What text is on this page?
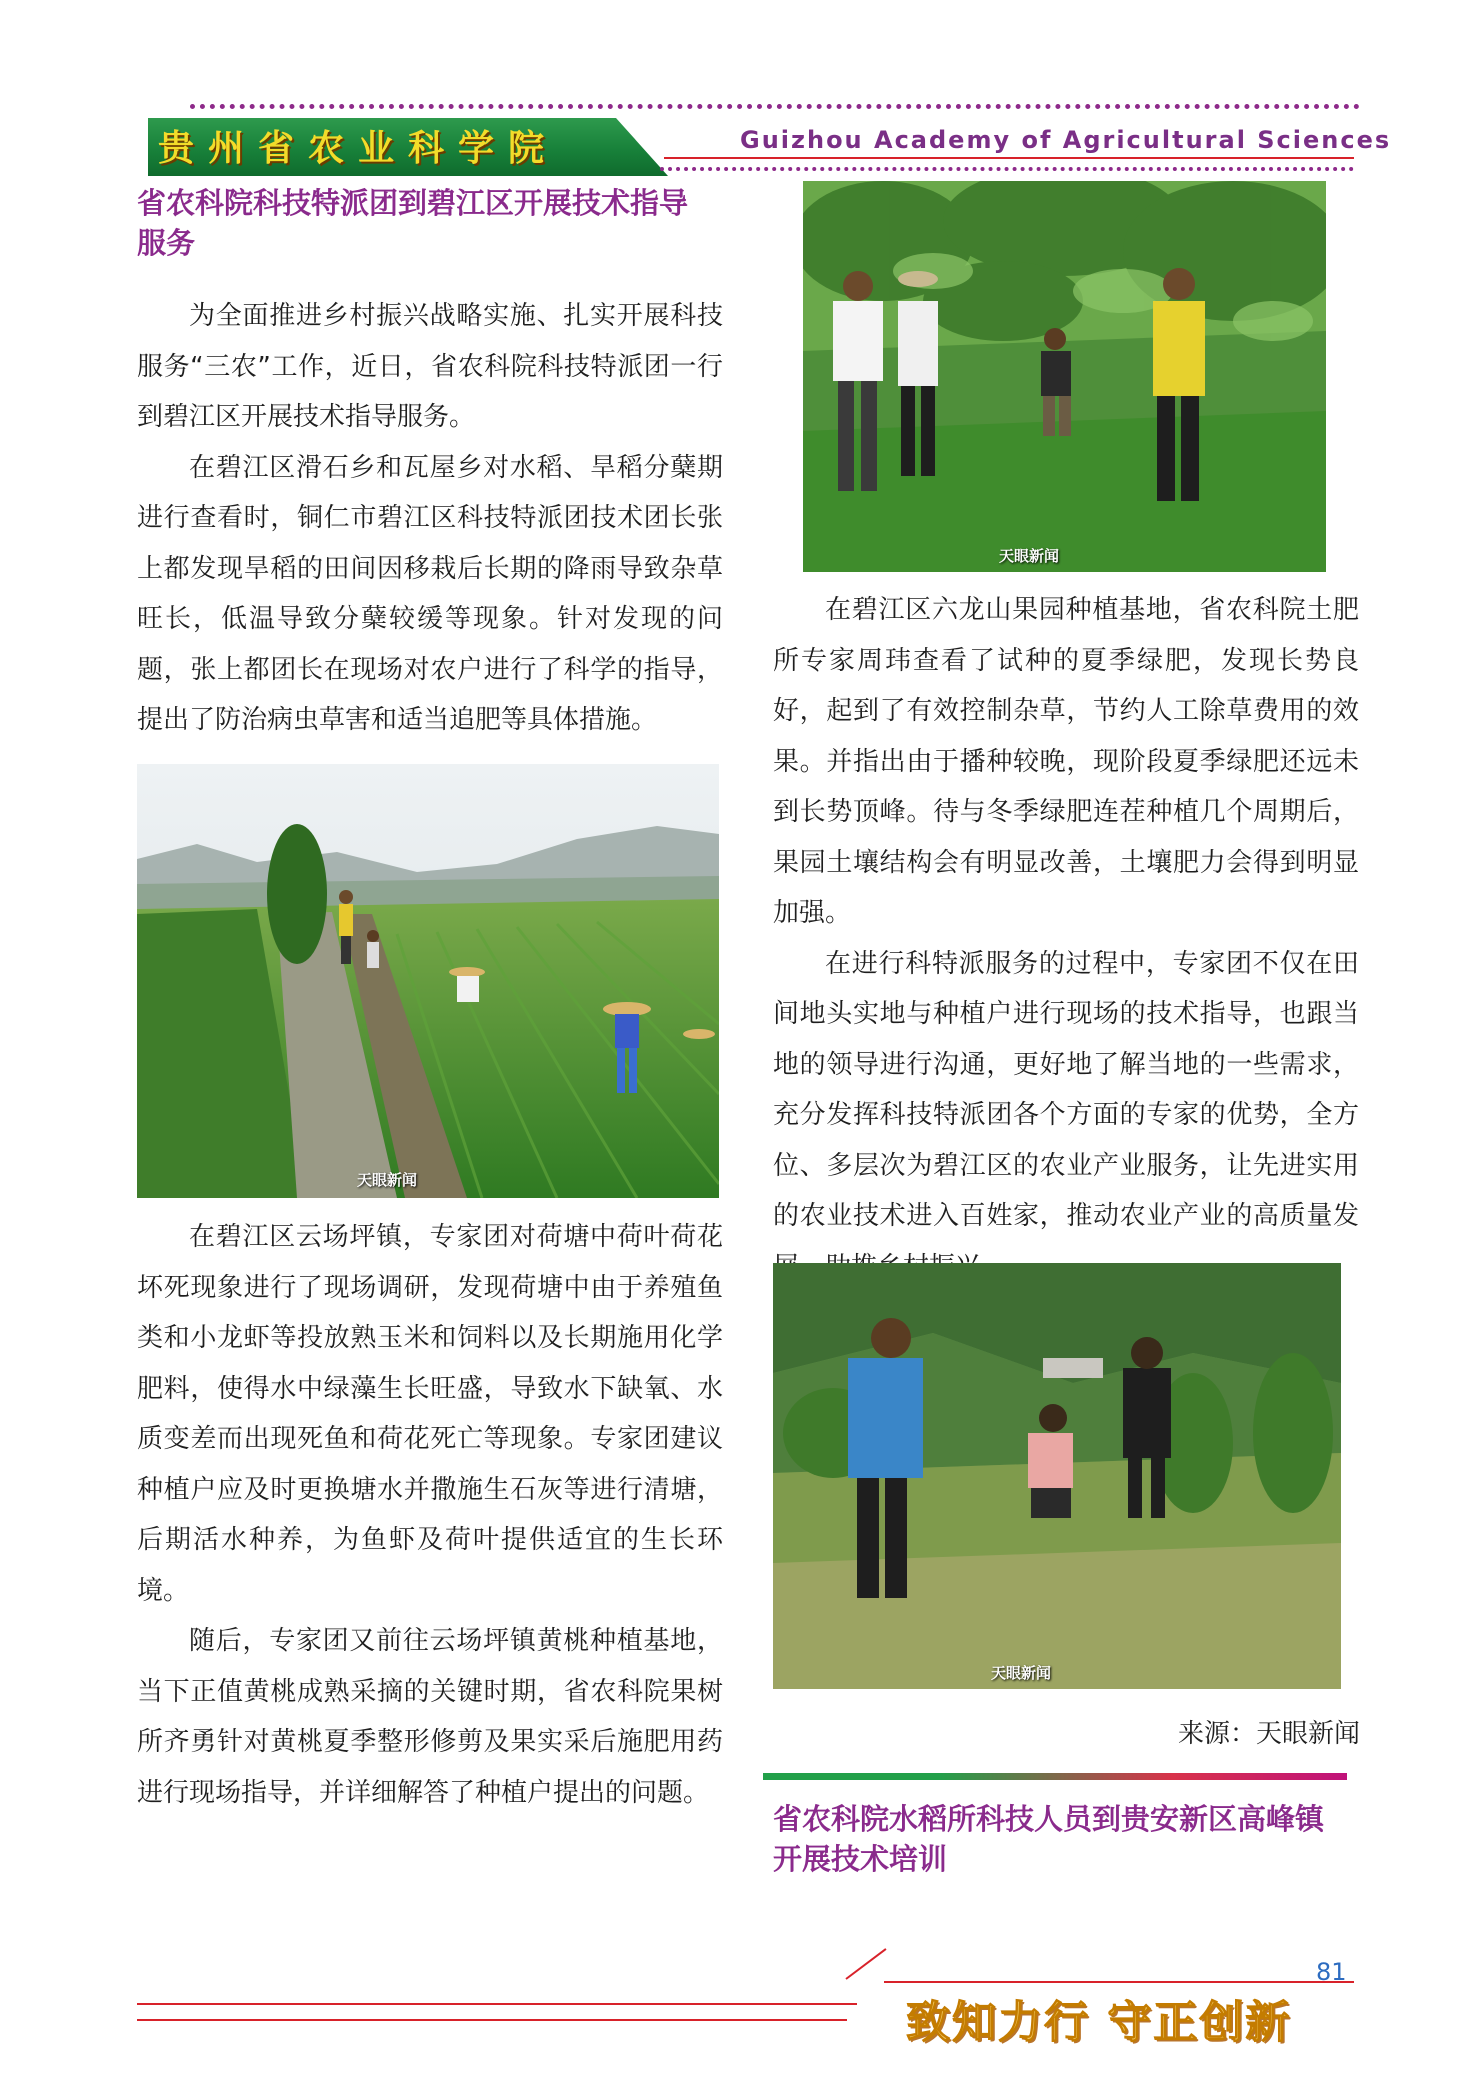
贵州省农业科学院	Guizhou Academy of Agricultural Sciences
省农科院科技特派团到碧江区开展技术指导
服务

为全面推进乡村振兴战略实施、扎实开展科技服务“三农”工作，近日，省农科院科技特派团一行到碧江区开展技术指导服务。

在碧江区滑石乡和瓦屋乡对水稻、旱稻分蘖期进行查看时，铜仁市碧江区科技特派团技术团长张上都发现旱稻的田间因移栽后长期的降雨导致杂草旺长，低温导致分蘖较缓等现象。针对发现的问题，张上都团长在现场对农户进行了科学的指导，提出了防治病虫草害和适当追肥等具体措施。

天眼新闻

在碧江区云场坪镇，专家团对荷塘中荷叶荷花坏死现象进行了现场调研，发现荷塘中由于养殖鱼类和小龙虾等投放熟玉米和饲料以及长期施用化学肥料，使得水中绿藻生长旺盛，导致水下缺氧、水质变差而出现死鱼和荷花死亡等现象。专家团建议种植户应及时更换塘水并撒施生石灰等进行清塘，后期活水种养，为鱼虾及荷叶提供适宜的生长环境。

随后，专家团又前往云场坪镇黄桃种植基地，当下正值黄桃成熟采摘的关键时期，省农科院果树所齐勇针对黄桃夏季整形修剪及果实采后施肥用药进行现场指导，并详细解答了种植户提出的问题。

天眼新闻

在碧江区六龙山果园种植基地，省农科院土肥所专家周玮查看了试种的夏季绿肥，发现长势良好，起到了有效控制杂草，节约人工除草费用的效果。并指出由于播种较晚，现阶段夏季绿肥还远未到长势顶峰。待与冬季绿肥连茬种植几个周期后，果园土壤结构会有明显改善，土壤肥力会得到明显加强。

在进行科特派服务的过程中，专家团不仅在田间地头实地与种植户进行现场的技术指导，也跟当地的领导进行沟通，更好地了解当地的一些需求，充分发挥科技特派团各个方面的专家的优势，全方位、多层次为碧江区的农业产业服务，让先进实用的农业技术进入百姓家，推动农业产业的高质量发

天眼新闻
来源：天眼新闻
省农科院水稻所科技人员到贵安新区高峰镇
开展技术培训
81
致知力行 守正创新
